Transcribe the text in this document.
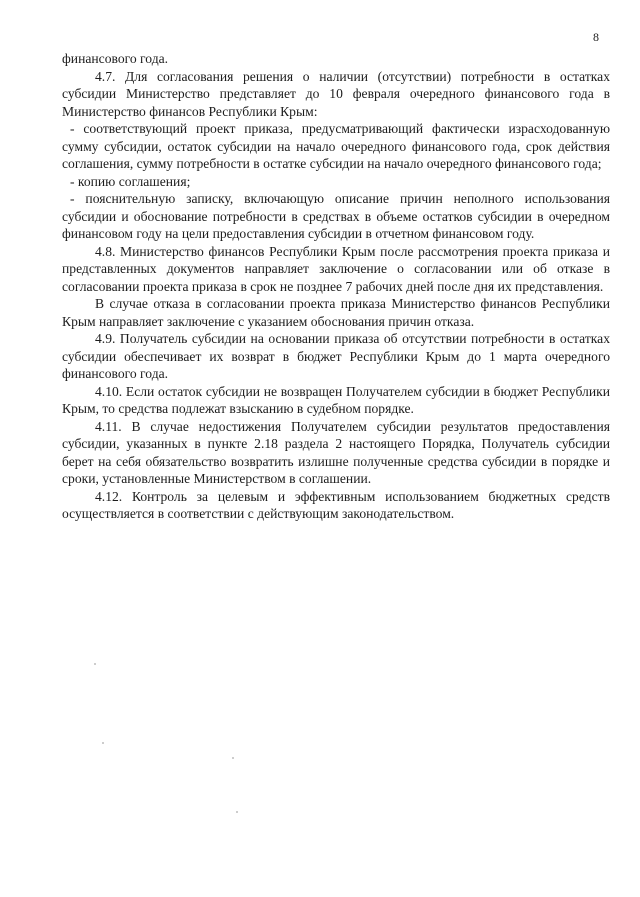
8

финансового года.

4.7. Для согласования решения о наличии (отсутствии) потребности в остатках субсидии Министерство представляет до 10 февраля очередного финансового года в Министерство финансов Республики Крым:

- соответствующий проект приказа, предусматривающий фактически израсходованную сумму субсидии, остаток субсидии на начало очередного финансового года, срок действия соглашения, сумму потребности в остатке субсидии на начало очередного финансового года;

- копию соглашения;

- пояснительную записку, включающую описание причин неполного использования субсидии и обоснование потребности в средствах в объеме остатков субсидии в очередном финансовом году на цели предоставления субсидии в отчетном финансовом году.

4.8. Министерство финансов Республики Крым после рассмотрения проекта приказа и представленных документов направляет заключение о согласовании или об отказе в согласовании проекта приказа в срок не позднее 7 рабочих дней после дня их представления.

В случае отказа в согласовании проекта приказа Министерство финансов Республики Крым направляет заключение с указанием обоснования причин отказа.

4.9. Получатель субсидии на основании приказа об отсутствии потребности в остатках субсидии обеспечивает их возврат в бюджет Республики Крым до 1 марта очередного финансового года.

4.10. Если остаток субсидии не возвращен Получателем субсидии в бюджет Республики Крым, то средства подлежат взысканию в судебном порядке.

4.11. В случае недостижения Получателем субсидии результатов предоставления субсидии, указанных в пункте 2.18 раздела 2 настоящего Порядка, Получатель субсидии берет на себя обязательство возвратить излишне полученные средства субсидии в порядке и сроки, установленные Министерством в соглашении.

4.12. Контроль за целевым и эффективным использованием бюджетных средств осуществляется в соответствии с действующим законодательством.
